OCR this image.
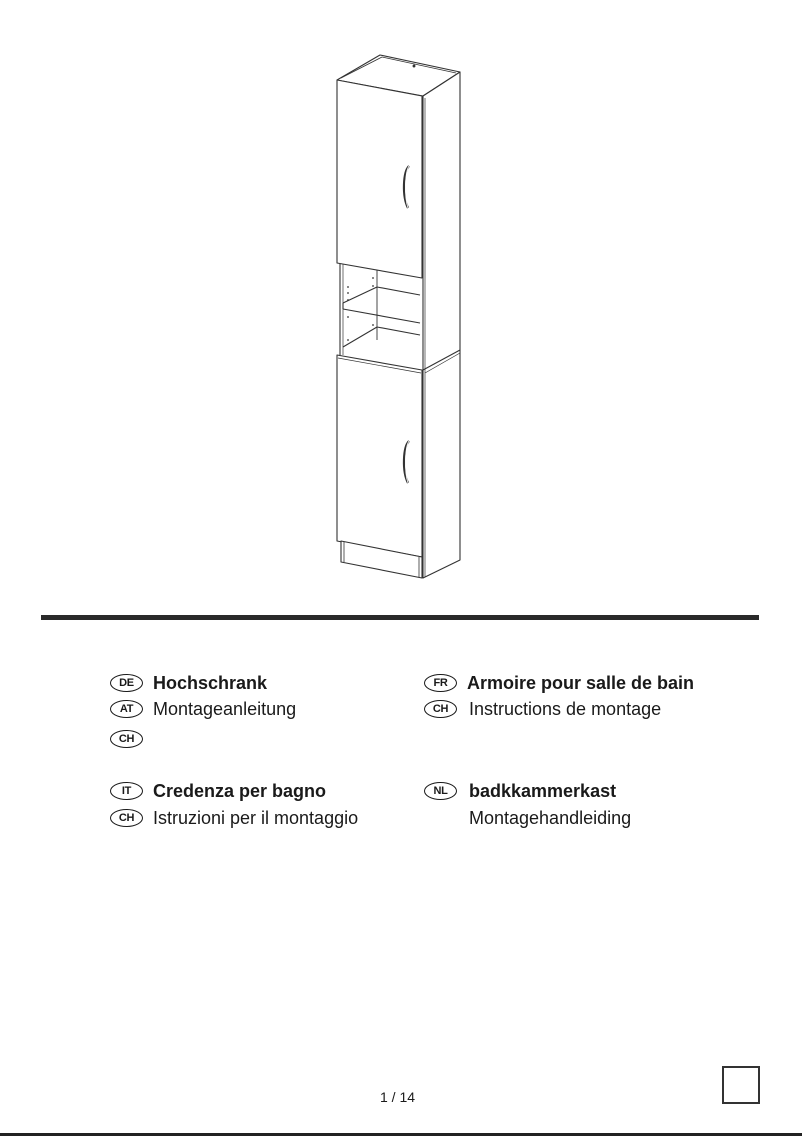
DE	Hochschrank
AT	Montageanleitung
CH
FR	Armoire pour salle de bain
CH	Instructions de montage
IT	Credenza per bagno
CH	Istruzioni per il montaggio
NL	badkkammerkast
Montagehandleiding
1 / 14
